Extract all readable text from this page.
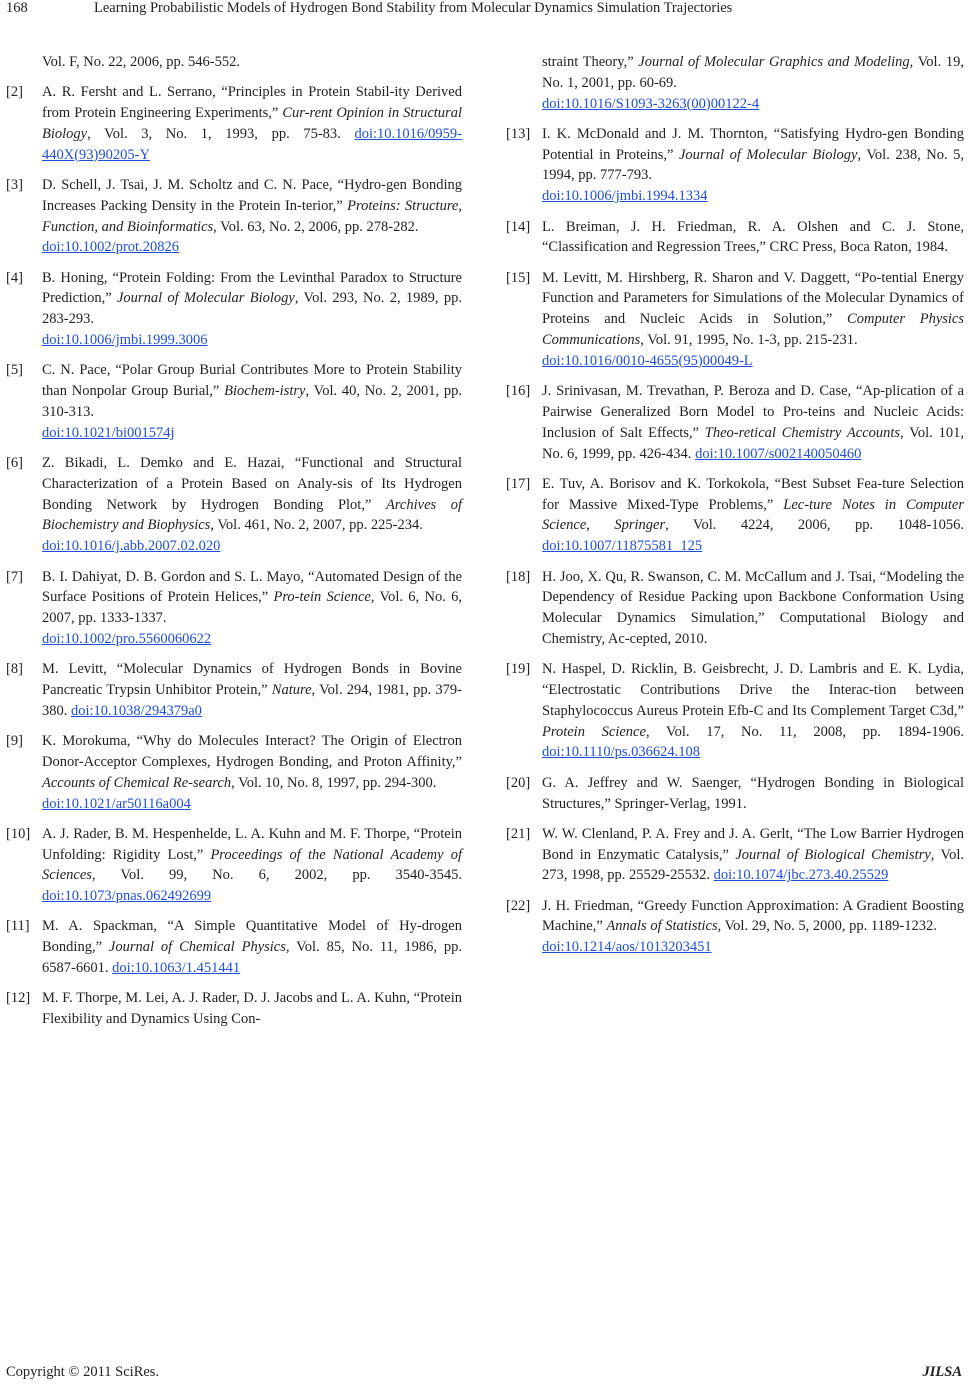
168	Learning Probabilistic Models of Hydrogen Bond Stability from Molecular Dynamics Simulation Trajectories
Vol. F, No. 22, 2006, pp. 546-552.
[2]	A. R. Fersht and L. Serrano, “Principles in Protein Stabil-ity Derived from Protein Engineering Experiments,” Cur-rent Opinion in Structural Biology, Vol. 3, No. 1, 1993, pp. 75-83. doi:10.1016/0959-440X(93)90205-Y
[3]	D. Schell, J. Tsai, J. M. Scholtz and C. N. Pace, “Hydro-gen Bonding Increases Packing Density in the Protein In-terior,” Proteins: Structure, Function, and Bioinformatics, Vol. 63, No. 2, 2006, pp. 278-282.
doi:10.1002/prot.20826
[4]	B. Honing, “Protein Folding: From the Levinthal Paradox to Structure Prediction,” Journal of Molecular Biology, Vol. 293, No. 2, 1989, pp. 283-293.
doi:10.1006/jmbi.1999.3006
[5]	C. N. Pace, “Polar Group Burial Contributes More to Protein Stability than Nonpolar Group Burial,” Biochem-istry, Vol. 40, No. 2, 2001, pp. 310-313.
doi:10.1021/bi001574j
[6]	Z. Bikadi, L. Demko and E. Hazai, “Functional and Structural Characterization of a Protein Based on Analy-sis of Its Hydrogen Bonding Network by Hydrogen Bonding Plot,” Archives of Biochemistry and Biophysics, Vol. 461, No. 2, 2007, pp. 225-234.
doi:10.1016/j.abb.2007.02.020
[7]	B. I. Dahiyat, D. B. Gordon and S. L. Mayo, “Automated Design of the Surface Positions of Protein Helices,” Pro-tein Science, Vol. 6, No. 6, 2007, pp. 1333-1337.
doi:10.1002/pro.5560060622
[8]	M. Levitt, “Molecular Dynamics of Hydrogen Bonds in Bovine Pancreatic Trypsin Unhibitor Protein,” Nature, Vol. 294, 1981, pp. 379-380. doi:10.1038/294379a0
[9]	K. Morokuma, “Why do Molecules Interact? The Origin of Electron Donor-Acceptor Complexes, Hydrogen Bonding, and Proton Affinity,” Accounts of Chemical Re-search, Vol. 10, No. 8, 1997, pp. 294-300.
doi:10.1021/ar50116a004
[10] A. J. Rader, B. M. Hespenhelde, L. A. Kuhn and M. F. Thorpe, “Protein Unfolding: Rigidity Lost,” Proceedings of the National Academy of Sciences, Vol. 99, No. 6, 2002, pp. 3540-3545. doi:10.1073/pnas.062492699
[11] M. A. Spackman, “A Simple Quantitative Model of Hy-drogen Bonding,” Journal of Chemical Physics, Vol. 85, No. 11, 1986, pp. 6587-6601. doi:10.1063/1.451441
[12] M. F. Thorpe, M. Lei, A. J. Rader, D. J. Jacobs and L. A. Kuhn, “Protein Flexibility and Dynamics Using Con-
straint Theory,” Journal of Molecular Graphics and Modeling, Vol. 19, No. 1, 2001, pp. 60-69.
doi:10.1016/S1093-3263(00)00122-4
[13] I. K. McDonald and J. M. Thornton, “Satisfying Hydro-gen Bonding Potential in Proteins,” Journal of Molecular Biology, Vol. 238, No. 5, 1994, pp. 777-793.
doi:10.1006/jmbi.1994.1334
[14] L. Breiman, J. H. Friedman, R. A. Olshen and C. J. Stone, “Classification and Regression Trees,” CRC Press, Boca Raton, 1984.
[15] M. Levitt, M. Hirshberg, R. Sharon and V. Daggett, “Po-tential Energy Function and Parameters for Simulations of the Molecular Dynamics of Proteins and Nucleic Acids in Solution,” Computer Physics Communications, Vol. 91, 1995, No. 1-3, pp. 215-231.
doi:10.1016/0010-4655(95)00049-L
[16] J. Srinivasan, M. Trevathan, P. Beroza and D. Case, “Ap-plication of a Pairwise Generalized Born Model to Pro-teins and Nucleic Acids: Inclusion of Salt Effects,” Theo-retical Chemistry Accounts, Vol. 101, No. 6, 1999, pp. 426-434. doi:10.1007/s002140050460
[17] E. Tuv, A. Borisov and K. Torkokola, “Best Subset Fea-ture Selection for Massive Mixed-Type Problems,” Lec-ture Notes in Computer Science, Springer, Vol. 4224, 2006, pp. 1048-1056. doi:10.1007/11875581_125
[18] H. Joo, X. Qu, R. Swanson, C. M. McCallum and J. Tsai, “Modeling the Dependency of Residue Packing upon Backbone Conformation Using Molecular Dynamics Simulation,” Computational Biology and Chemistry, Ac-cepted, 2010.
[19] N. Haspel, D. Ricklin, B. Geisbrecht, J. D. Lambris and E. K. Lydia, “Electrostatic Contributions Drive the Interac-tion between Staphylococcus Aureus Protein Efb-C and Its Complement Target C3d,” Protein Science, Vol. 17, No. 11, 2008, pp. 1894-1906. doi:10.1110/ps.036624.108
[20] G. A. Jeffrey and W. Saenger, “Hydrogen Bonding in Biological Structures,” Springer-Verlag, 1991.
[21] W. W. Clenland, P. A. Frey and J. A. Gerlt, “The Low Barrier Hydrogen Bond in Enzymatic Catalysis,” Journal of Biological Chemistry, Vol. 273, 1998, pp. 25529-25532. doi:10.1074/jbc.273.40.25529
[22] J. H. Friedman, “Greedy Function Approximation: A Gradient Boosting Machine,” Annals of Statistics, Vol. 29, No. 5, 2000, pp. 1189-1232.
doi:10.1214/aos/1013203451
Copyright © 2011 SciRes.	JILSA
